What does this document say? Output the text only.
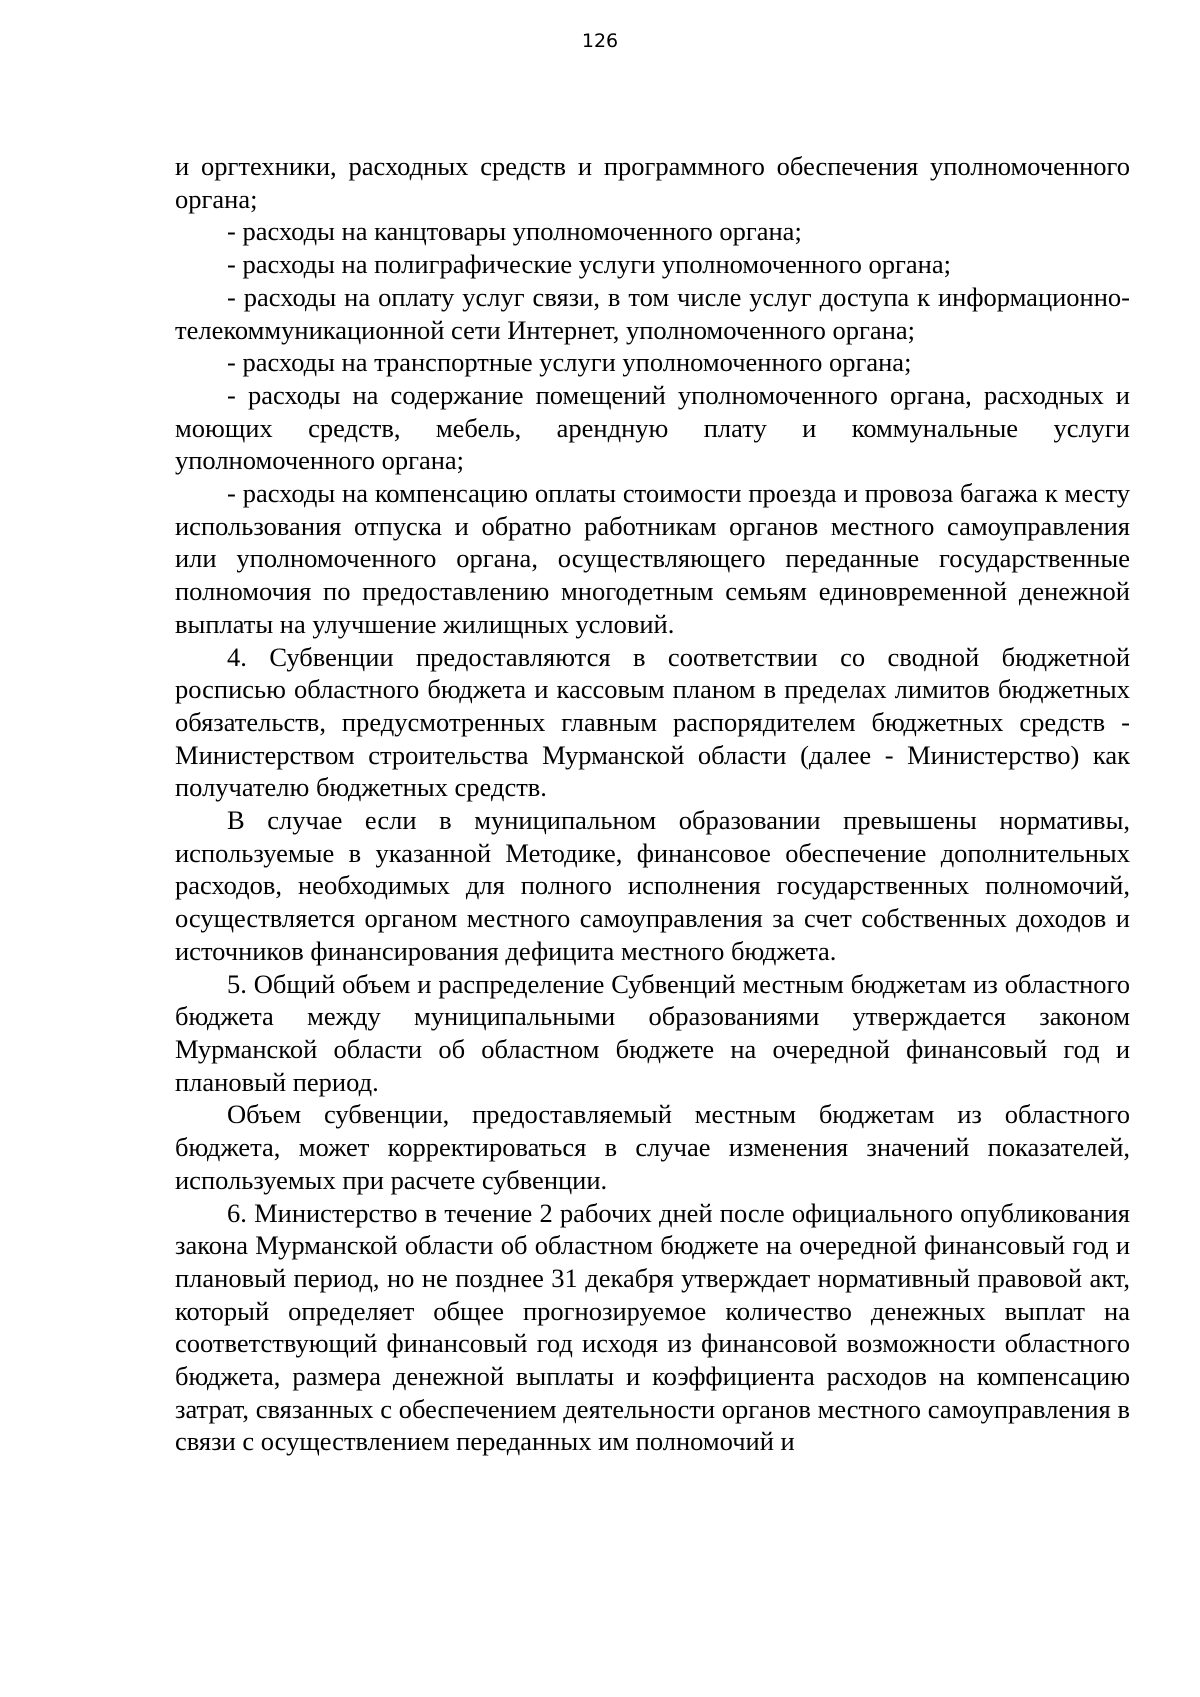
126

и оргтехники, расходных средств и программного обеспечения уполномоченного органа;

- расходы на канцтовары уполномоченного органа;

- расходы на полиграфические услуги уполномоченного органа;

- расходы на оплату услуг связи, в том числе услуг доступа к информационно-телекоммуникационной сети Интернет, уполномоченного органа;

- расходы на транспортные услуги уполномоченного органа;

- расходы на содержание помещений уполномоченного органа, расходных и моющих средств, мебель, арендную плату и коммунальные услуги уполномоченного органа;

- расходы на компенсацию оплаты стоимости проезда и провоза багажа к месту использования отпуска и обратно работникам органов местного самоуправления или уполномоченного органа, осуществляющего переданные государственные полномочия по предоставлению многодетным семьям единовременной денежной выплаты на улучшение жилищных условий.

4. Субвенции предоставляются в соответствии со сводной бюджетной росписью областного бюджета и кассовым планом в пределах лимитов бюджетных обязательств, предусмотренных главным распорядителем бюджетных средств - Министерством строительства Мурманской области (далее - Министерство) как получателю бюджетных средств.

В случае если в муниципальном образовании превышены нормативы, используемые в указанной Методике, финансовое обеспечение дополнительных расходов, необходимых для полного исполнения государственных полномочий, осуществляется органом местного самоуправления за счет собственных доходов и источников финансирования дефицита местного бюджета.

5. Общий объем и распределение Субвенций местным бюджетам из областного бюджета между муниципальными образованиями утверждается законом Мурманской области об областном бюджете на очередной финансовый год и плановый период.

Объем субвенции, предоставляемый местным бюджетам из областного бюджета, может корректироваться в случае изменения значений показателей, используемых при расчете субвенции.

6. Министерство в течение 2 рабочих дней после официального опубликования закона Мурманской области об областном бюджете на очередной финансовый год и плановый период, но не позднее 31 декабря утверждает нормативный правовой акт, который определяет общее прогнозируемое количество денежных выплат на соответствующий финансовый год исходя из финансовой возможности областного бюджета, размера денежной выплаты и коэффициента расходов на компенсацию затрат, связанных с обеспечением деятельности органов местного самоуправления в связи с осуществлением переданных им полномочий и
